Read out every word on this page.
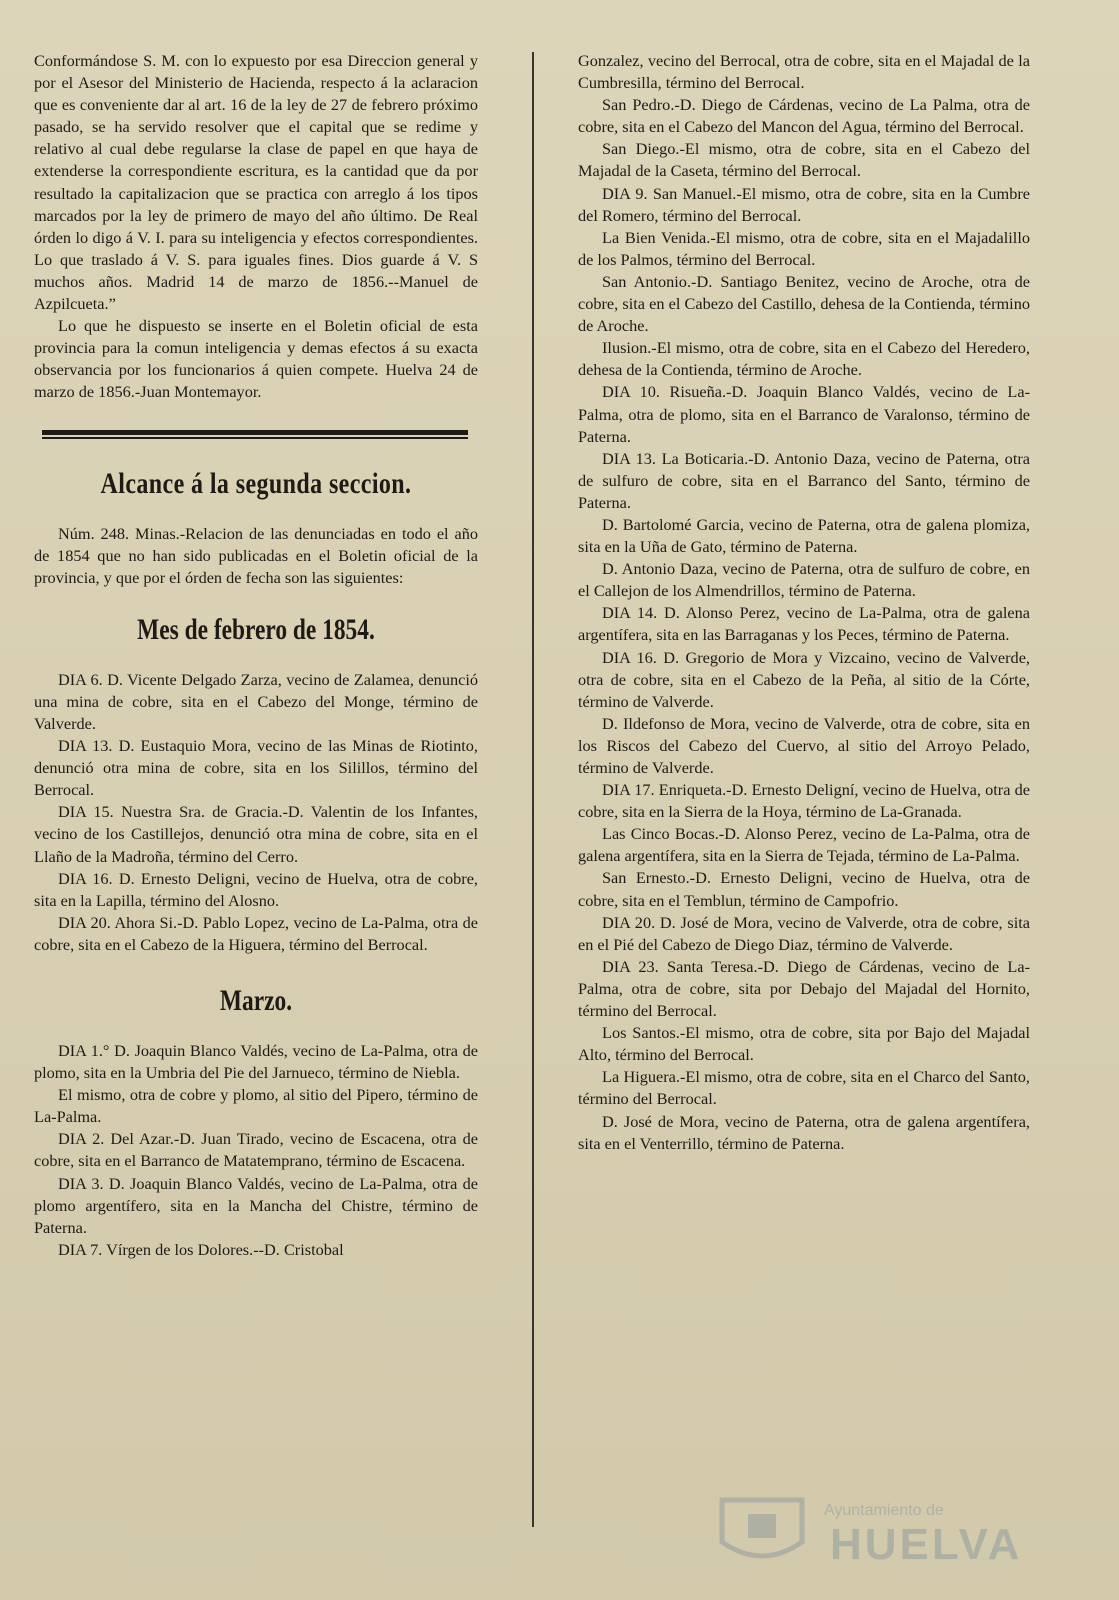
Conformándose S. M. con lo expuesto por esa Direccion general y por el Asesor del Ministerio de Hacienda, respecto á la aclaracion que es conveniente dar al art. 16 de la ley de 27 de febrero próximo pasado, se ha servido resolver que el capital que se redime y relativo al cual debe regularse la clase de papel en que haya de extenderse la correspondiente escritura, es la cantidad que da por resultado la capitalizacion que se practica con arreglo á los tipos marcados por la ley de primero de mayo del año último. De Real órden lo digo á V. I. para su inteligencia y efectos correspondientes. Lo que traslado á V. S. para iguales fines. Dios guarde á V. S muchos años. Madrid 14 de marzo de 1856.--Manuel de Azpilcueta.”

Lo que he dispuesto se inserte en el Boletin oficial de esta provincia para la comun inteligencia y demas efectos á su exacta observancia por los funcionarios á quien compete. Huelva 24 de marzo de 1856.-Juan Montemayor.

Alcance á la segunda seccion.

Núm. 248. Minas.-Relacion de las denunciadas en todo el año de 1854 que no han sido publicadas en el Boletin oficial de la provincia, y que por el órden de fecha son las siguientes:

Mes de febrero de 1854.

DIA 6. D. Vicente Delgado Zarza, vecino de Zalamea, denunció una mina de cobre, sita en el Cabezo del Monge, término de Valverde.

DIA 13. D. Eustaquio Mora, vecino de las Minas de Riotinto, denunció otra mina de cobre, sita en los Silillos, término del Berrocal.

DIA 15. Nuestra Sra. de Gracia.-D. Valentin de los Infantes, vecino de los Castillejos, denunció otra mina de cobre, sita en el Llaño de la Madroña, término del Cerro.

DIA 16. D. Ernesto Deligni, vecino de Huelva, otra de cobre, sita en la Lapilla, término del Alosno.

DIA 20. Ahora Si.-D. Pablo Lopez, vecino de La-Palma, otra de cobre, sita en el Cabezo de la Higuera, término del Berrocal.

Marzo.

DIA 1.° D. Joaquin Blanco Valdés, vecino de La-Palma, otra de plomo, sita en la Umbria del Pie del Jarnueco, término de Niebla.

El mismo, otra de cobre y plomo, al sitio del Pipero, término de La-Palma.

DIA 2. Del Azar.-D. Juan Tirado, vecino de Escacena, otra de cobre, sita en el Barranco de Matatemprano, término de Escacena.

DIA 3. D. Joaquin Blanco Valdés, vecino de La-Palma, otra de plomo argentífero, sita en la Mancha del Chistre, término de Paterna.

DIA 7. Vírgen de los Dolores.--D. Cristobal

Gonzalez, vecino del Berrocal, otra de cobre, sita en el Majadal de la Cumbresilla, término del Berrocal.

San Pedro.-D. Diego de Cárdenas, vecino de La Palma, otra de cobre, sita en el Cabezo del Mancon del Agua, término del Berrocal.

San Diego.-El mismo, otra de cobre, sita en el Cabezo del Majadal de la Caseta, término del Berrocal.

DIA 9. San Manuel.-El mismo, otra de cobre, sita en la Cumbre del Romero, término del Berrocal.

La Bien Venida.-El mismo, otra de cobre, sita en el Majadalillo de los Palmos, término del Berrocal.

San Antonio.-D. Santiago Benitez, vecino de Aroche, otra de cobre, sita en el Cabezo del Castillo, dehesa de la Contienda, término de Aroche.

Ilusion.-El mismo, otra de cobre, sita en el Cabezo del Heredero, dehesa de la Contienda, término de Aroche.

DIA 10. Risueña.-D. Joaquin Blanco Valdés, vecino de La-Palma, otra de plomo, sita en el Barranco de Varalonso, término de Paterna.

DIA 13. La Boticaria.-D. Antonio Daza, vecino de Paterna, otra de sulfuro de cobre, sita en el Barranco del Santo, término de Paterna.

D. Bartolomé Garcia, vecino de Paterna, otra de galena plomiza, sita en la Uña de Gato, término de Paterna.

D. Antonio Daza, vecino de Paterna, otra de sulfuro de cobre, en el Callejon de los Almendrillos, término de Paterna.

DIA 14. D. Alonso Perez, vecino de La-Palma, otra de galena argentífera, sita en las Barraganas y los Peces, término de Paterna.

DIA 16. D. Gregorio de Mora y Vizcaino, vecino de Valverde, otra de cobre, sita en el Cabezo de la Peña, al sitio de la Córte, término de Valverde.

D. Ildefonso de Mora, vecino de Valverde, otra de cobre, sita en los Riscos del Cabezo del Cuervo, al sitio del Arroyo Pelado, término de Valverde.

DIA 17. Enriqueta.-D. Ernesto Deligní, vecino de Huelva, otra de cobre, sita en la Sierra de la Hoya, término de La-Granada.

Las Cinco Bocas.-D. Alonso Perez, vecino de La-Palma, otra de galena argentífera, sita en la Sierra de Tejada, término de La-Palma.

San Ernesto.-D. Ernesto Deligni, vecino de Huelva, otra de cobre, sita en el Temblun, término de Campofrio.

DIA 20. D. José de Mora, vecino de Valverde, otra de cobre, sita en el Pié del Cabezo de Diego Diaz, término de Valverde.

DIA 23. Santa Teresa.-D. Diego de Cárdenas, vecino de La-Palma, otra de cobre, sita por Debajo del Majadal del Hornito, término del Berrocal.

Los Santos.-El mismo, otra de cobre, sita por Bajo del Majadal Alto, término del Berrocal.

La Higuera.-El mismo, otra de cobre, sita en el Charco del Santo, término del Berrocal.

D. José de Mora, vecino de Paterna, otra de galena argentífera, sita en el Venterrillo, término de Paterna.

Ayuntamiento de
HUELVA
